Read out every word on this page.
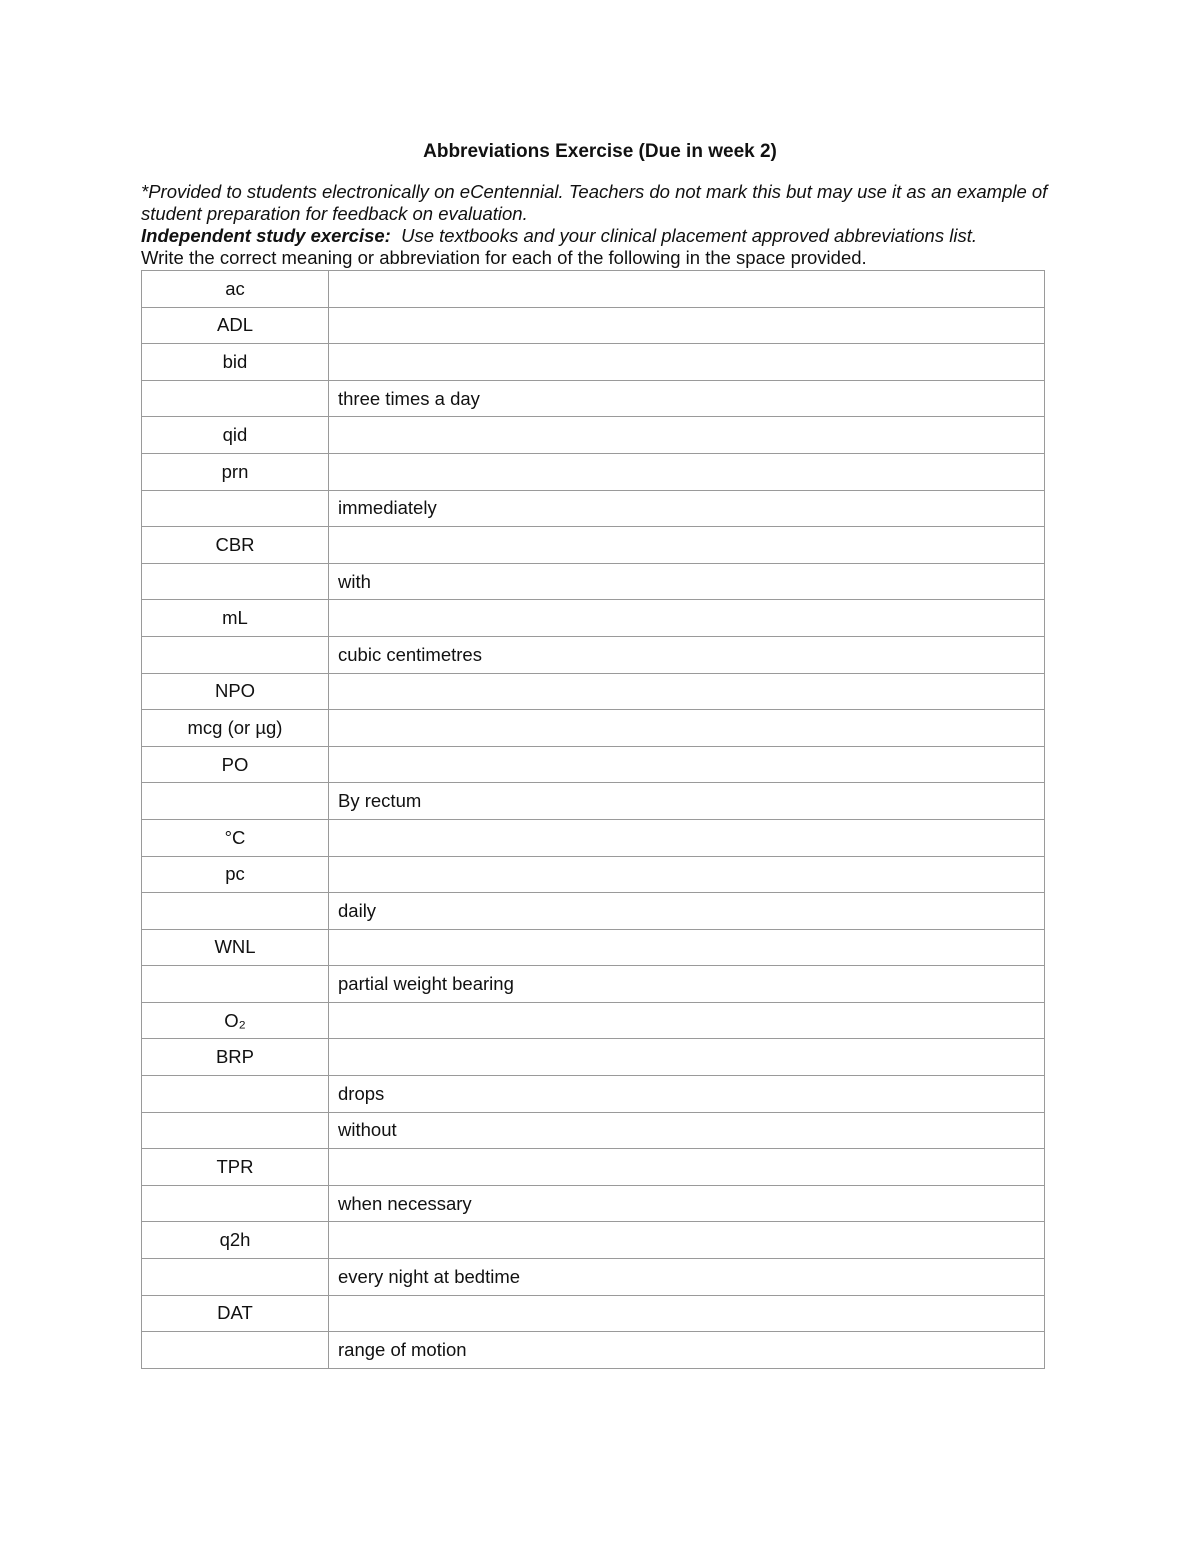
Abbreviations Exercise (Due in week 2)

*Provided to students electronically on eCentennial. Teachers do not mark this but may use it as an example of student preparation for feedback on evaluation.

Independent study exercise:  Use textbooks and your clinical placement approved abbreviations list.

Write the correct meaning or abbreviation for each of the following in the space provided.

ac	
ADL	
bid	
	three times a day
qid	
prn	
	immediately
CBR	
	with
mL	
	cubic centimetres
NPO	
mcg (or µg)	
PO	
	By rectum
°C	
pc	
	daily
WNL	
	partial weight bearing
O₂	
BRP	
	drops
	without
TPR	
	when necessary
q2h	
	every night at bedtime
DAT	
	range of motion
